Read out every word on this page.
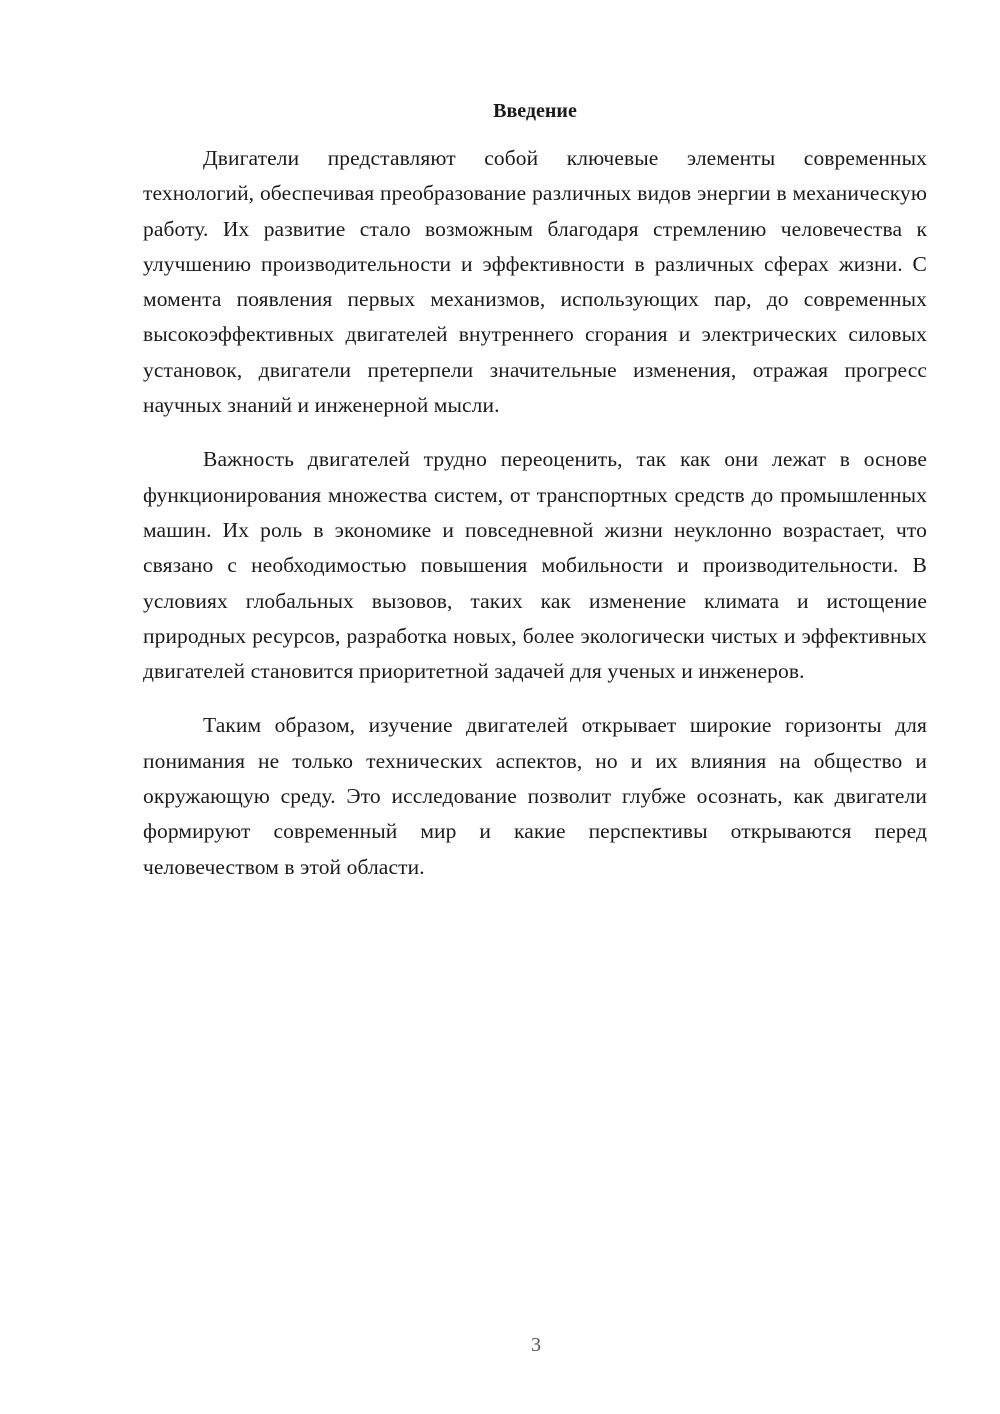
Введение

Двигатели представляют собой ключевые элементы современных технологий, обеспечивая преобразование различных видов энергии в механическую работу. Их развитие стало возможным благодаря стремлению человечества к улучшению производительности и эффективности в различных сферах жизни. С момента появления первых механизмов, использующих пар, до современных высокоэффективных двигателей внутреннего сгорания и электрических силовых установок, двигатели претерпели значительные изменения, отражая прогресс научных знаний и инженерной мысли.

Важность двигателей трудно переоценить, так как они лежат в основе функционирования множества систем, от транспортных средств до промышленных машин. Их роль в экономике и повседневной жизни неуклонно возрастает, что связано с необходимостью повышения мобильности и производительности. В условиях глобальных вызовов, таких как изменение климата и истощение природных ресурсов, разработка новых, более экологически чистых и эффективных двигателей становится приоритетной задачей для ученых и инженеров.

Таким образом, изучение двигателей открывает широкие горизонты для понимания не только технических аспектов, но и их влияния на общество и окружающую среду. Это исследование позволит глубже осознать, как двигатели формируют современный мир и какие перспективы открываются перед человечеством в этой области.

3
